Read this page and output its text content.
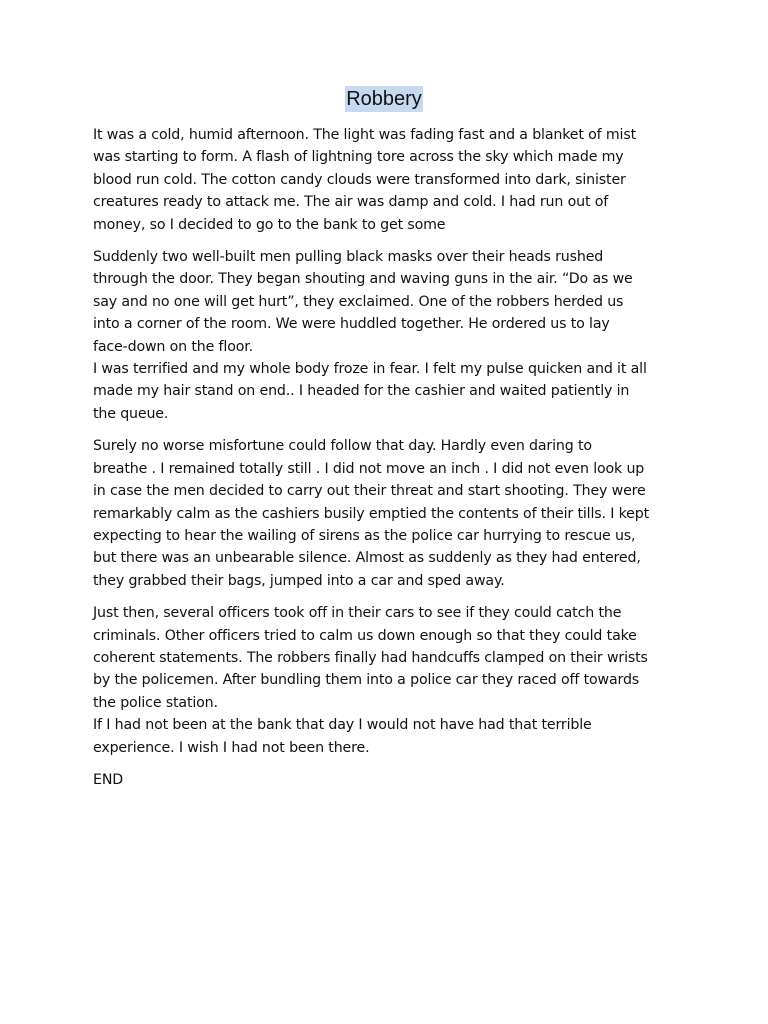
Robbery

It was a cold, humid afternoon. The light was fading fast and a blanket of mist
was starting to form. A flash of lightning tore across the sky which made my
blood run cold. The cotton candy clouds were transformed into dark, sinister
creatures ready to attack me. The air was damp and cold. I had run out of
money, so I decided to go to the bank to get some

Suddenly two well-built men pulling black masks over their heads rushed
through the door. They began shouting and waving guns in the air. “Do as we
say and no one will get hurt”, they exclaimed. One of the robbers herded us
into a corner of the room. We were huddled together. He ordered us to lay
face-down on the floor.
I was terrified and my whole body froze in fear. I felt my pulse quicken and it all
made my hair stand on end.. I headed for the cashier and waited patiently in
the queue.

Surely no worse misfortune could follow that day. Hardly even daring to
breathe . I remained totally still . I did not move an inch . I did not even look up
in case the men decided to carry out their threat and start shooting. They were
remarkably calm as the cashiers busily emptied the contents of their tills. I kept
expecting to hear the wailing of sirens as the police car hurrying to rescue us,
but there was an unbearable silence. Almost as suddenly as they had entered,
they grabbed their bags, jumped into a car and sped away.

Just then, several officers took off in their cars to see if they could catch the
criminals. Other officers tried to calm us down enough so that they could take
coherent statements. The robbers finally had handcuffs clamped on their wrists
by the policemen. After bundling them into a police car they raced off towards
the police station.
If I had not been at the bank that day I would not have had that terrible
experience. I wish I had not been there.

END
